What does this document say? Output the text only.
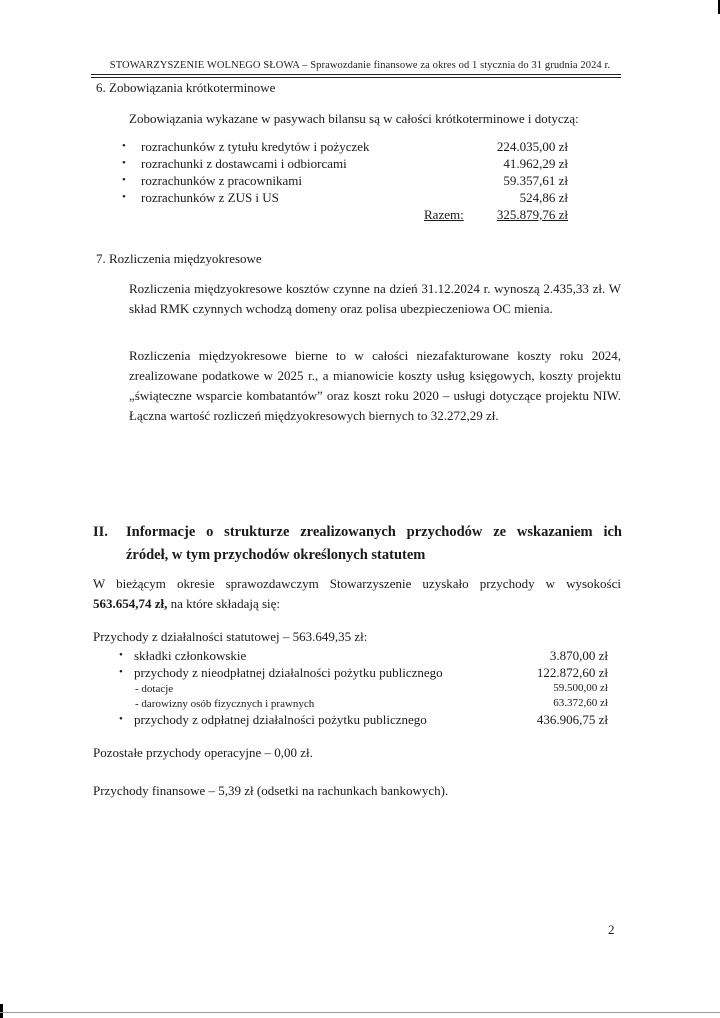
STOWARZYSZENIE WOLNEGO SŁOWA – Sprawozdanie finansowe za okres od 1 stycznia do 31 grudnia 2024 r.
6. Zobowiązania krótkoterminowe
Zobowiązania wykazane w pasywach bilansu są w całości krótkoterminowe i dotyczą:
• rozrachunków z tytułu kredytów i pożyczek	224.035,00 zł
• rozrachunki z dostawcami i odbiorcami	41.962,29 zł
• rozrachunków z pracownikami	59.357,61 zł
• rozrachunków z ZUS i US	524,86 zł
Razem:	325.879,76 zł
7. Rozliczenia międzyokresowe
Rozliczenia międzyokresowe kosztów czynne na dzień 31.12.2024 r. wynoszą 2.435,33 zł. W skład RMK czynnych wchodzą domeny oraz polisa ubezpieczeniowa OC mienia.
Rozliczenia międzyokresowe bierne to w całości niezafakturowane koszty roku 2024, zrealizowane podatkowe w 2025 r., a mianowicie koszty usług księgowych, koszty projektu „świąteczne wsparcie kombatantów” oraz koszt roku 2020 – usługi dotyczące projektu NIW. Łączna wartość rozliczeń międzyokresowych biernych to 32.272,29 zł.
II. Informacje o strukturze zrealizowanych przychodów ze wskazaniem ich
źródeł, w tym przychodów określonych statutem
W bieżącym okresie sprawozdawczym Stowarzyszenie uzyskało przychody w wysokości
563.654,74 zł, na które składają się:
Przychody z działalności statutowej – 563.649,35 zł:
• składki członkowskie	3.870,00 zł
• przychody z nieodpłatnej działalności pożytku publicznego	122.872,60 zł
- dotacje	59.500,00 zł
- darowizny osób fizycznych i prawnych	63.372,60 zł
• przychody z odpłatnej działalności pożytku publicznego	436.906,75 zł
Pozostałe przychody operacyjne – 0,00 zł.
Przychody finansowe – 5,39 zł (odsetki na rachunkach bankowych).
2
